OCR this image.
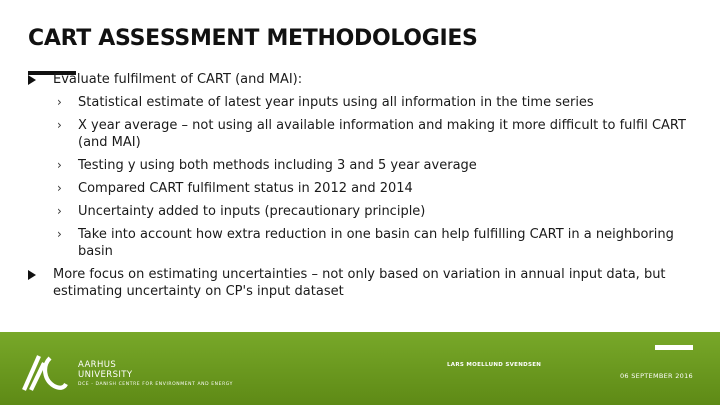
CART ASSESSMENT METHODOLOGIES
Evaluate fulfilment of CART (and MAI):
› Statistical estimate of latest year inputs using all information in the time series
› X year average – not using all available information and making it more difficult to fulfil CART (and MAI)
› Testing y using both methods including 3 and 5 year average
› Compared CART fulfilment status in 2012 and 2014
› Uncertainty added to inputs (precautionary principle)
› Take into account how extra reduction in one basin can help fulfilling CART in a neighboring basin
More focus on estimating uncertainties – not only based on variation in annual input data, but estimating uncertainty on CP's input dataset
AARHUS
UNIVERSITY
DCE - DANISH CENTRE FOR ENVIRONMENT AND ENERGY
LARS MOELLUND SVENDSEN
06 SEPTEMBER 2016
